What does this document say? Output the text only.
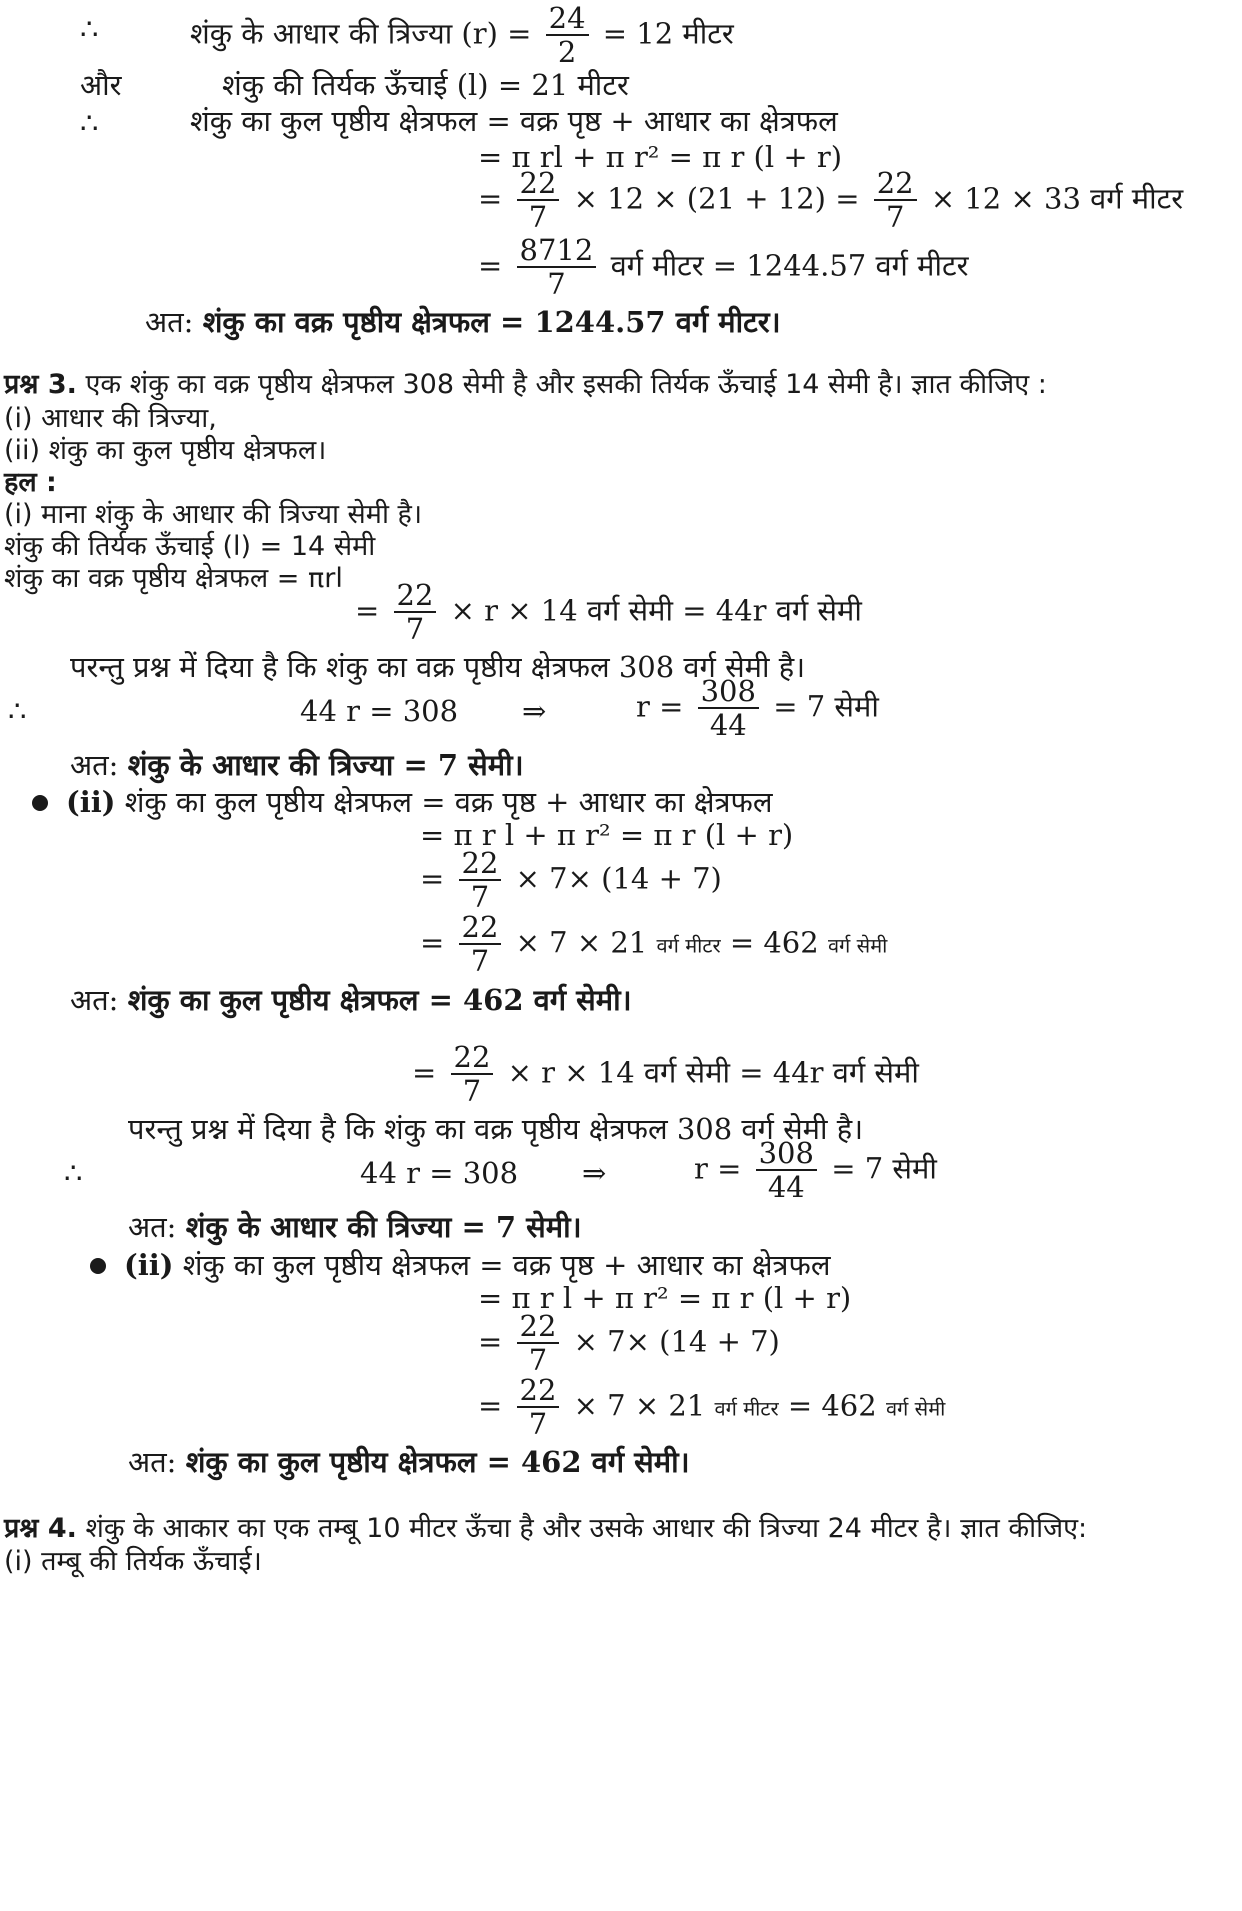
∴	शंकु के आधार की त्रिज्या $(r) = \frac{24}{2} = 12$ मीटर
और	शंकु की तिर्यक ऊँचाई (l) = 21 मीटर
∴	शंकु का कुल पृष्ठीय क्षेत्रफल = वक्र पृष्ठ + आधार का क्षेत्रफल
= π rl + π r² = π r (l + r)
= $\frac{22}{7} \times 12 \times (21 + 12) = \frac{22}{7} \times 12 \times 33$ वर्ग मीटर
= $\frac{8712}{7}$ वर्ग मीटर = 1244.57 वर्ग मीटर
अत: शंकु का वक्र पृष्ठीय क्षेत्रफल = 1244.57 वर्ग मीटर।
प्रश्न 3. एक शंकु का वक्र पृष्ठीय क्षेत्रफल 308 सेमी है और इसकी तिर्यक ऊँचाई 14 सेमी है। ज्ञात कीजिए :
(i) आधार की त्रिज्या,
(ii) शंकु का कुल पृष्ठीय क्षेत्रफल।
हल :
(i) माना शंकु के आधार की त्रिज्या सेमी है।
शंकु की तिर्यक ऊँचाई (l) = 14 सेमी
शंकु का वक्र पृष्ठीय क्षेत्रफल = πrl
= $\frac{22}{7} \times r \times 14$ वर्ग सेमी = 44r वर्ग सेमी
परन्तु प्रश्न में दिया है कि शंकु का वक्र पृष्ठीय क्षेत्रफल 308 वर्ग सेमी है।
∴	44 r = 308 ⇒	$r = \frac{308}{44} = 7$ सेमी
अत: शंकु के आधार की त्रिज्या = 7 सेमी।
(ii) शंकु का कुल पृष्ठीय क्षेत्रफल = वक्र पृष्ठ + आधार का क्षेत्रफल
= π r l + π r² = π r (l + r)
= $\frac{22}{7} \times 7\times (14 + 7)$
= $\frac{22}{7} \times 7 \times 21$ वर्ग मीटर = 462 वर्ग सेमी
अत: शंकु का कुल पृष्ठीय क्षेत्रफल = 462 वर्ग सेमी।
= $\frac{22}{7} \times r \times 14$ वर्ग सेमी = 44r वर्ग सेमी
परन्तु प्रश्न में दिया है कि शंकु का वक्र पृष्ठीय क्षेत्रफल 308 वर्ग सेमी है।
∴	44 r = 308 ⇒	$r = \frac{308}{44} = 7$ सेमी
अत: शंकु के आधार की त्रिज्या = 7 सेमी।
(ii) शंकु का कुल पृष्ठीय क्षेत्रफल = वक्र पृष्ठ + आधार का क्षेत्रफल
= π r l + π r² = π r (l + r)
= $\frac{22}{7} \times 7\times (14 + 7)$
= $\frac{22}{7} \times 7 \times 21$ वर्ग मीटर = 462 वर्ग सेमी
अत: शंकु का कुल पृष्ठीय क्षेत्रफल = 462 वर्ग सेमी।
प्रश्न 4. शंकु के आकार का एक तम्बू 10 मीटर ऊँचा है और उसके आधार की त्रिज्या 24 मीटर है। ज्ञात कीजिए:
(i) तम्बू की तिर्यक ऊँचाई।
